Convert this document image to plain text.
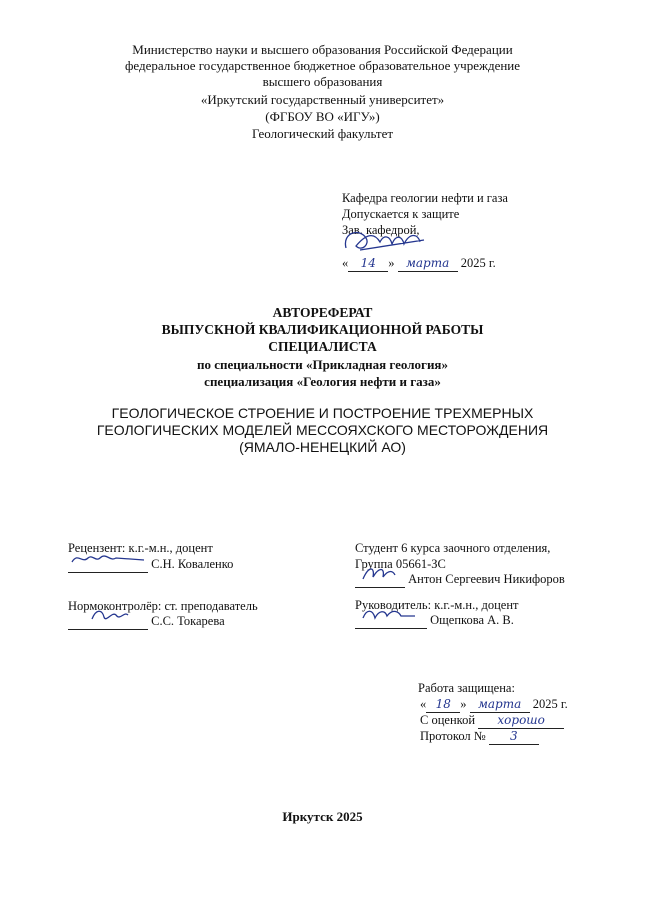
Министерство науки и высшего образования Российской Федерации
федеральное государственное бюджетное образовательное учреждение
высшего образования
«Иркутский государственный университет»
(ФГБОУ ВО «ИГУ»)
Геологический факультет
Кафедра геологии нефти и газа
Допускается к защите
Зав. кафедрой,
« 14 » марта 2025 г.
АВТОРЕФЕРАТ
ВЫПУСКНОЙ КВАЛИФИКАЦИОННОЙ РАБОТЫ
СПЕЦИАЛИСТА
по специальности «Прикладная геология»
специализация «Геология нефти и газа»
ГЕОЛОГИЧЕСКОЕ СТРОЕНИЕ И ПОСТРОЕНИЕ ТРЕХМЕРНЫХ
ГЕОЛОГИЧЕСКИХ МОДЕЛЕЙ МЕССОЯХСКОГО МЕСТОРОЖДЕНИЯ
(ЯМАЛО-НЕНЕЦКИЙ АО)
Рецензент: к.г.-м.н., доцент
С.Н. Коваленко
Нормоконтролёр: ст. преподаватель
С.С. Токарева
Студент 6 курса заочного отделения,
Группа 05661-ЗС
Антон Сергеевич Никифоров
Руководитель: к.г.-м.н., доцент
Ощепкова А. В.
Работа защищена:
« 18 » марта 2025 г.
С оценкой хорошо
Протокол № 3
Иркутск 2025
